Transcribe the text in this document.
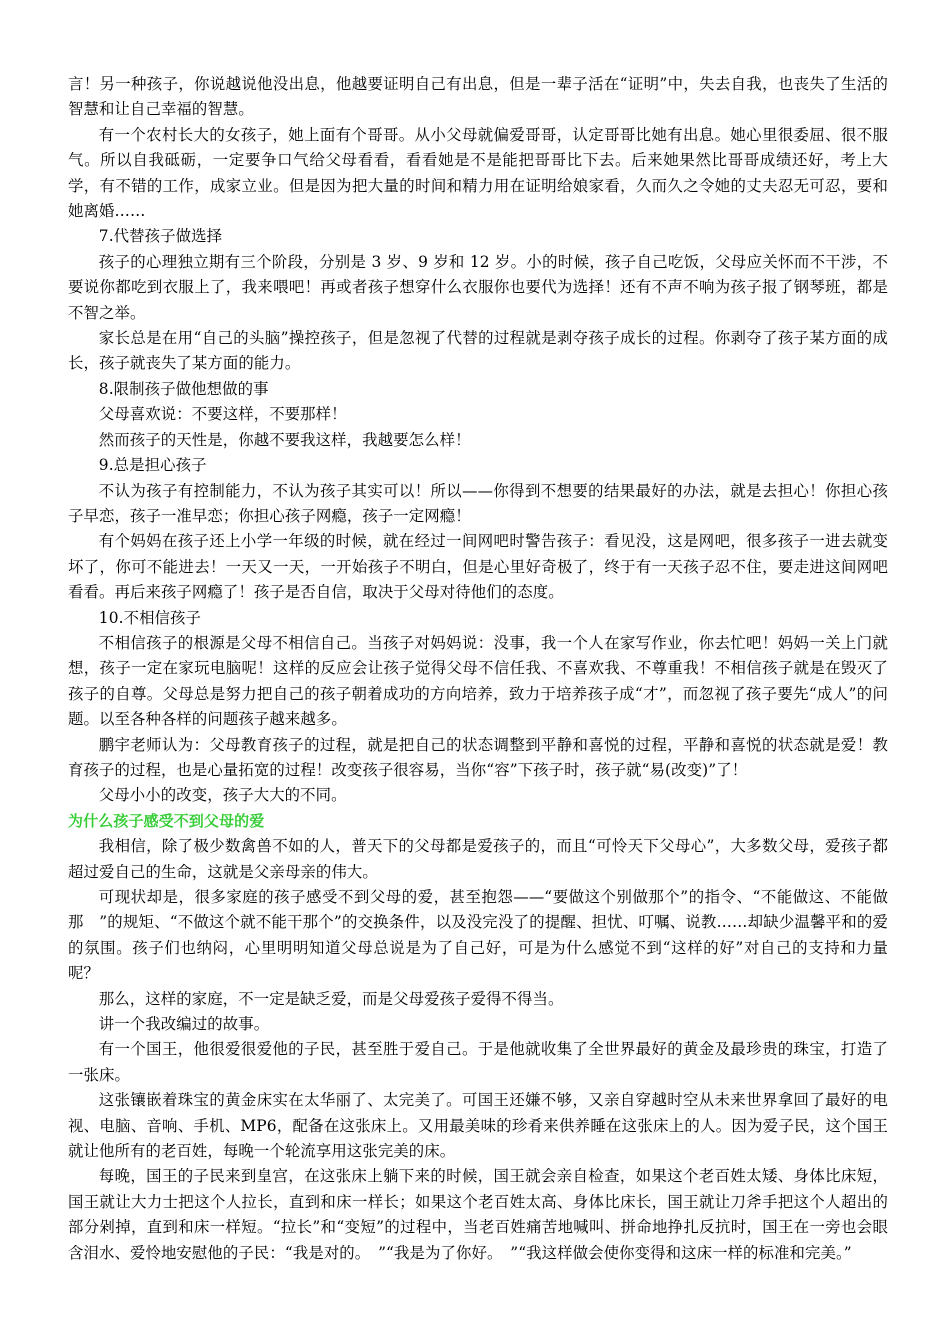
言！另一种孩子，你说越说他没出息，他越要证明自己有出息，但是一辈子活在“证明”中，失去自我，也丧失了生活的智慧和让自己幸福的智慧。

有一个农村长大的女孩子，她上面有个哥哥。从小父母就偏爱哥哥，认定哥哥比她有出息。她心里很委屈、很不服气。所以自我砥砺，一定要争口气给父母看看，看看她是不是能把哥哥比下去。后来她果然比哥哥成绩还好，考上大学，有不错的工作，成家立业。但是因为把大量的时间和精力用在证明给娘家看，久而久之令她的丈夫忍无可忍，要和她离婚……

7.代替孩子做选择

孩子的心理独立期有三个阶段，分别是 3 岁、9 岁和 12 岁。小的时候，孩子自己吃饭，父母应关怀而不干涉，不要说你都吃到衣服上了，我来喂吧！再或者孩子想穿什么衣服你也要代为选择！还有不声不响为孩子报了钢琴班，都是不智之举。

家长总是在用“自己的头脑”操控孩子，但是忽视了代替的过程就是剥夺孩子成长的过程。你剥夺了孩子某方面的成长，孩子就丧失了某方面的能力。

8.限制孩子做他想做的事

父母喜欢说：不要这样，不要那样！

然而孩子的天性是，你越不要我这样，我越要怎么样！

9.总是担心孩子

不认为孩子有控制能力，不认为孩子其实可以！所以——你得到不想要的结果最好的办法，就是去担心！你担心孩子早恋，孩子一准早恋；你担心孩子网瘾，孩子一定网瘾！

有个妈妈在孩子还上小学一年级的时候，就在经过一间网吧时警告孩子：看见没，这是网吧，很多孩子一进去就变坏了，你可不能进去！一天又一天，一开始孩子不明白，但是心里好奇极了，终于有一天孩子忍不住，要走进这间网吧看看。再后来孩子网瘾了！孩子是否自信，取决于父母对待他们的态度。

10.不相信孩子

不相信孩子的根源是父母不相信自己。当孩子对妈妈说：没事，我一个人在家写作业，你去忙吧！妈妈一关上门就想，孩子一定在家玩电脑呢！这样的反应会让孩子觉得父母不信任我、不喜欢我、不尊重我！不相信孩子就是在毁灭了孩子的自尊。父母总是努力把自己的孩子朝着成功的方向培养，致力于培养孩子成“才”，而忽视了孩子要先“成人”的问题。以至各种各样的问题孩子越来越多。

鹏宇老师认为：父母教育孩子的过程，就是把自己的状态调整到平静和喜悦的过程，平静和喜悦的状态就是爱！教育孩子的过程，也是心量拓宽的过程！改变孩子很容易，当你“容”下孩子时，孩子就“易(改变)”了！

父母小小的改变，孩子大大的不同。

为什么孩子感受不到父母的爱

我相信，除了极少数禽兽不如的人，普天下的父母都是爱孩子的，而且“可怜天下父母心”，大多数父母，爱孩子都超过爱自己的生命，这就是父亲母亲的伟大。

可现状却是，很多家庭的孩子感受不到父母的爱，甚至抱怨——“要做这个别做那个”的指令、“不能做这、不能做那　”的规矩、“不做这个就不能干那个”的交换条件，以及没完没了的提醒、担忧、叮嘱、说教……却缺少温馨平和的爱的氛围。孩子们也纳闷，心里明明知道父母总说是为了自己好，可是为什么感觉不到“这样的好”对自己的支持和力量呢？

那么，这样的家庭，不一定是缺乏爱，而是父母爱孩子爱得不得当。

讲一个我改编过的故事。

有一个国王，他很爱很爱他的子民，甚至胜于爱自己。于是他就收集了全世界最好的黄金及最珍贵的珠宝，打造了一张床。

这张镶嵌着珠宝的黄金床实在太华丽了、太完美了。可国王还嫌不够，又亲自穿越时空从未来世界拿回了最好的电视、电脑、音响、手机、MP6，配备在这张床上。又用最美味的珍肴来供养睡在这张床上的人。因为爱子民，这个国王就让他所有的老百姓，每晚一个轮流享用这张完美的床。

每晚，国王的子民来到皇宫，在这张床上躺下来的时候，国王就会亲自检查，如果这个老百姓太矮、身体比床短，国王就让大力士把这个人拉长，直到和床一样长；如果这个老百姓太高、身体比床长，国王就让刀斧手把这个人超出的部分剁掉，直到和床一样短。“拉长”和“变短”的过程中，当老百姓痛苦地喊叫、拼命地挣扎反抗时，国王在一旁也会眼含泪水、爱怜地安慰他的子民：“我是对的。　”“我是为了你好。　”“我这样做会使你变得和这床一样的标准和完美。”
